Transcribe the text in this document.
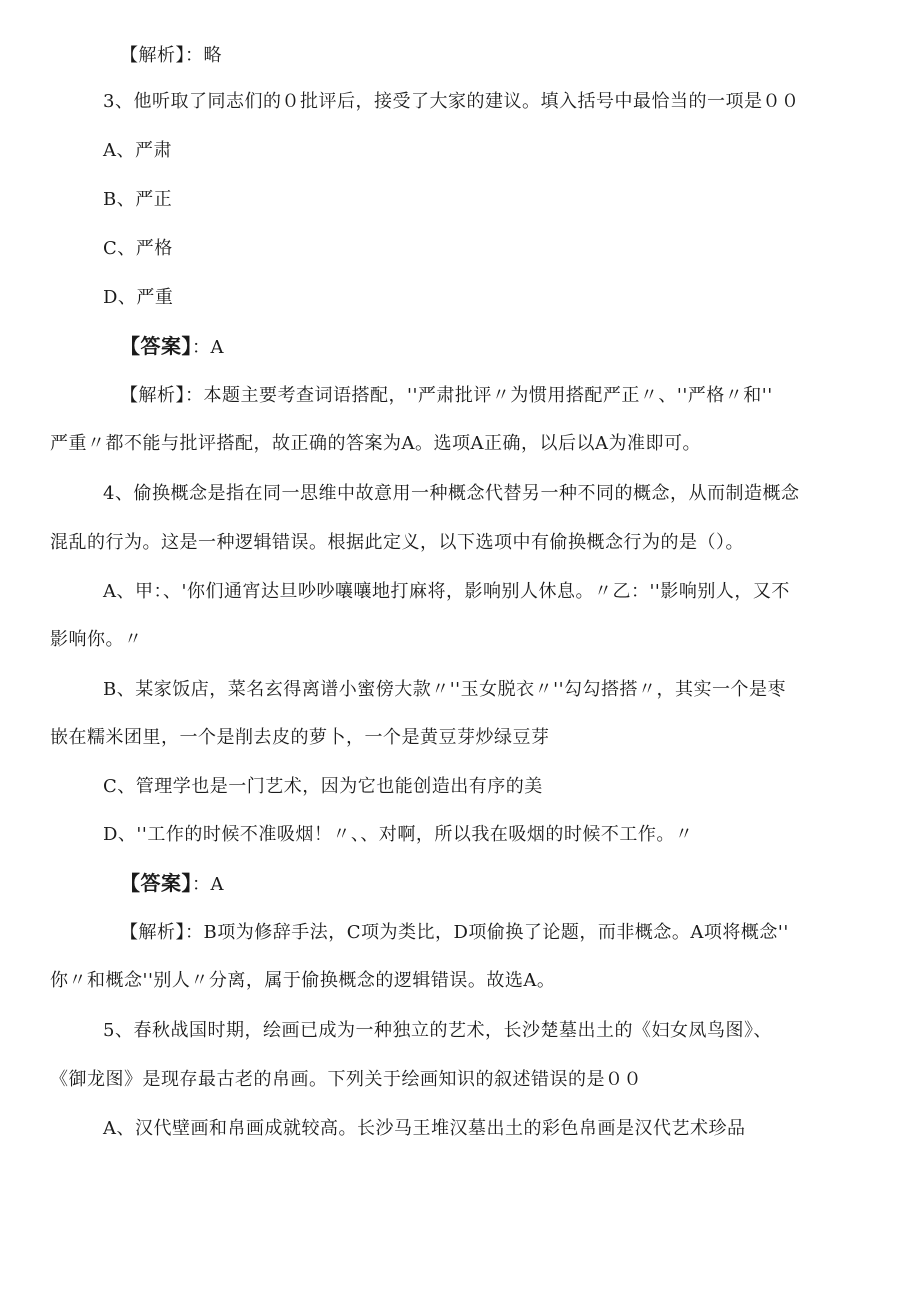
【解析】：略
3、他听取了同志们的０批评后，接受了大家的建议。填入括号中最恰当的一项是００
A、严肃
B、严正
C、严格
D、严重
【答案】：A
【解析】：本题主要考查词语搭配，''严肃批评〃为惯用搭配严正〃、''严格〃和''
严重〃都不能与批评搭配，故正确的答案为A。选项A正确，以后以A为准即可。
4、偷换概念是指在同一思维中故意用一种概念代替另一种不同的概念，从而制造概念
混乱的行为。这是一种逻辑错误。根据此定义，以下选项中有偷换概念行为的是（）。
A、甲：、'你们通宵达旦吵吵嚷嚷地打麻将，影响别人休息。〃乙：''影响别人，又不
影响你。〃
B、某家饭店，菜名玄得离谱小蜜傍大款〃''玉女脱衣〃''勾勾搭搭〃，其实一个是枣
嵌在糯米团里，一个是削去皮的萝卜，一个是黄豆芽炒绿豆芽
C、管理学也是一门艺术，因为它也能创造出有序的美
D、''工作的时候不准吸烟！〃、、对啊，所以我在吸烟的时候不工作。〃
【答案】：A
【解析】：B项为修辞手法，C项为类比，D项偷换了论题，而非概念。A项将概念''
你〃和概念''别人〃分离，属于偷换概念的逻辑错误。故选A。
5、春秋战国时期，绘画已成为一种独立的艺术，长沙楚墓出土的《妇女凤鸟图》、
《御龙图》是现存最古老的帛画。下列关于绘画知识的叙述错误的是００
A、汉代壁画和帛画成就较高。长沙马王堆汉墓出土的彩色帛画是汉代艺术珍品
